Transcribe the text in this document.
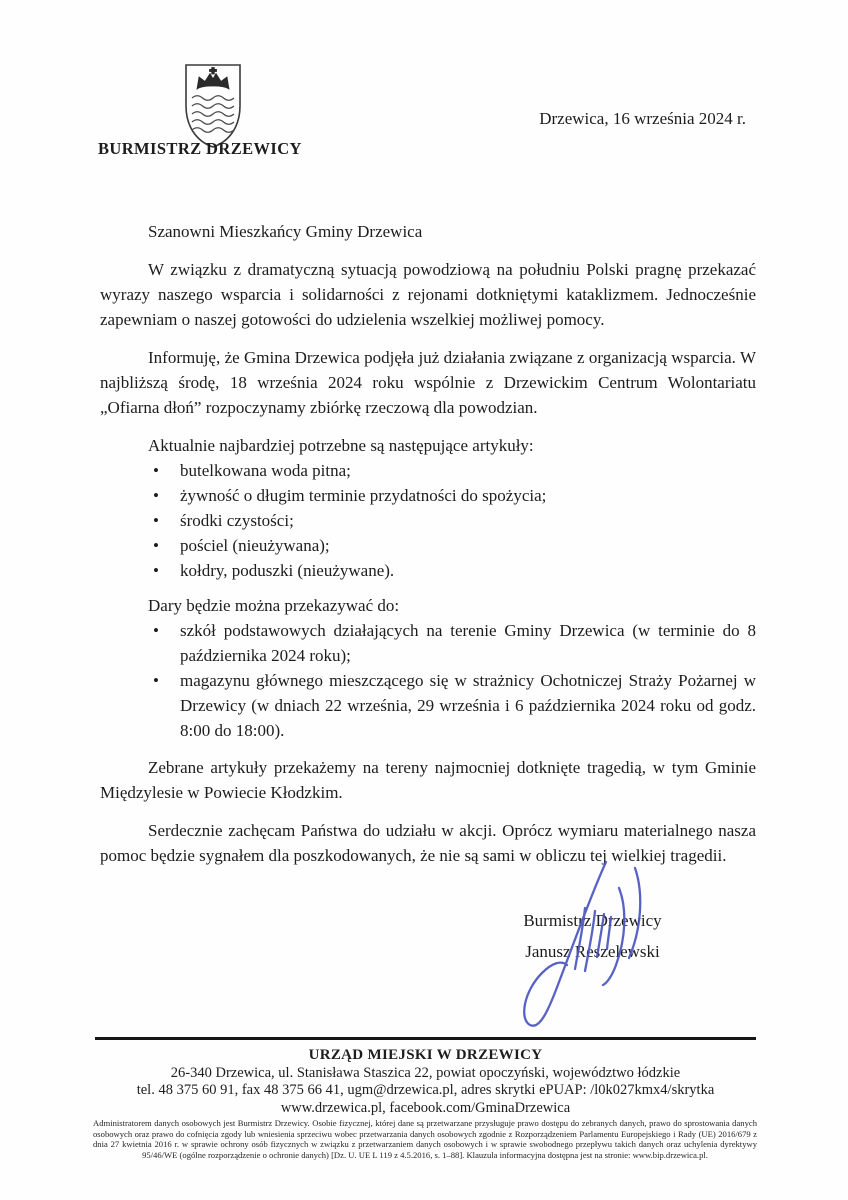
BURMISTRZ DRZEWICY
Drzewica, 16 września 2024 r.

Szanowni Mieszkańcy Gminy Drzewica

W związku z dramatyczną sytuacją powodziową na południu Polski pragnę przekazać wyrazy naszego wsparcia i solidarności z rejonami dotkniętymi kataklizmem. Jednocześnie zapewniam o naszej gotowości do udzielenia wszelkiej możliwej pomocy.

Informuję, że Gmina Drzewica podjęła już działania związane z organizacją wsparcia. W najbliższą środę, 18 września 2024 roku wspólnie z Drzewickim Centrum Wolontariatu „Ofiarna dłoń” rozpoczynamy zbiórkę rzeczową dla powodzian.

Aktualnie najbardziej potrzebne są następujące artykuły:

• butelkowana woda pitna;
• żywność o długim terminie przydatności do spożycia;
• środki czystości;
• pościel (nieużywana);
• kołdry, poduszki (nieużywane).

Dary będzie można przekazywać do:

• szkół podstawowych działających na terenie Gminy Drzewica (w terminie do 8 października 2024 roku);
• magazynu głównego mieszczącego się w strażnicy Ochotniczej Straży Pożarnej w Drzewicy (w dniach 22 września, 29 września i 6 października 2024 roku od godz. 8:00 do 18:00).

Zebrane artykuły przekażemy na tereny najmocniej dotknięte tragedią, w tym Gminie Międzylesie w Powiecie Kłodzkim.

Serdecznie zachęcam Państwa do udziału w akcji. Oprócz wymiaru materialnego nasza pomoc będzie sygnałem dla poszkodowanych, że nie są sami w obliczu tej wielkiej tragedii.

Burmistrz Drzewicy
Janusz Reszelewski
URZĄD MIEJSKI W DRZEWICY
26-340 Drzewica, ul. Stanisława Staszica 22, powiat opoczyński, województwo łódzkie
tel. 48 375 60 91, fax 48 375 66 41, ugm@drzewica.pl, adres skrytki ePUAP: /l0k027kmx4/skrytka
www.drzewica.pl, facebook.com/GminaDrzewica
Administratorem danych osobowych jest Burmistrz Drzewicy. Osobie fizycznej, której dane są przetwarzane przysługuje prawo dostępu do zebranych danych, prawo do sprostowania danych osobowych oraz prawo do cofnięcia zgody lub wniesienia sprzeciwu wobec przetwarzania danych osobowych zgodnie z Rozporządzeniem Parlamentu Europejskiego i Rady (UE) 2016/679 z dnia 27 kwietnia 2016 r. w sprawie ochrony osób fizycznych w związku z przetwarzaniem danych osobowych i w sprawie swobodnego przepływu takich danych oraz uchylenia dyrektywy 95/46/WE (ogólne rozporządzenie o ochronie danych) [Dz. U. UE L 119 z 4.5.2016, s. 1–88]. Klauzula informacyjna dostępna jest na stronie: www.bip.drzewica.pl.
